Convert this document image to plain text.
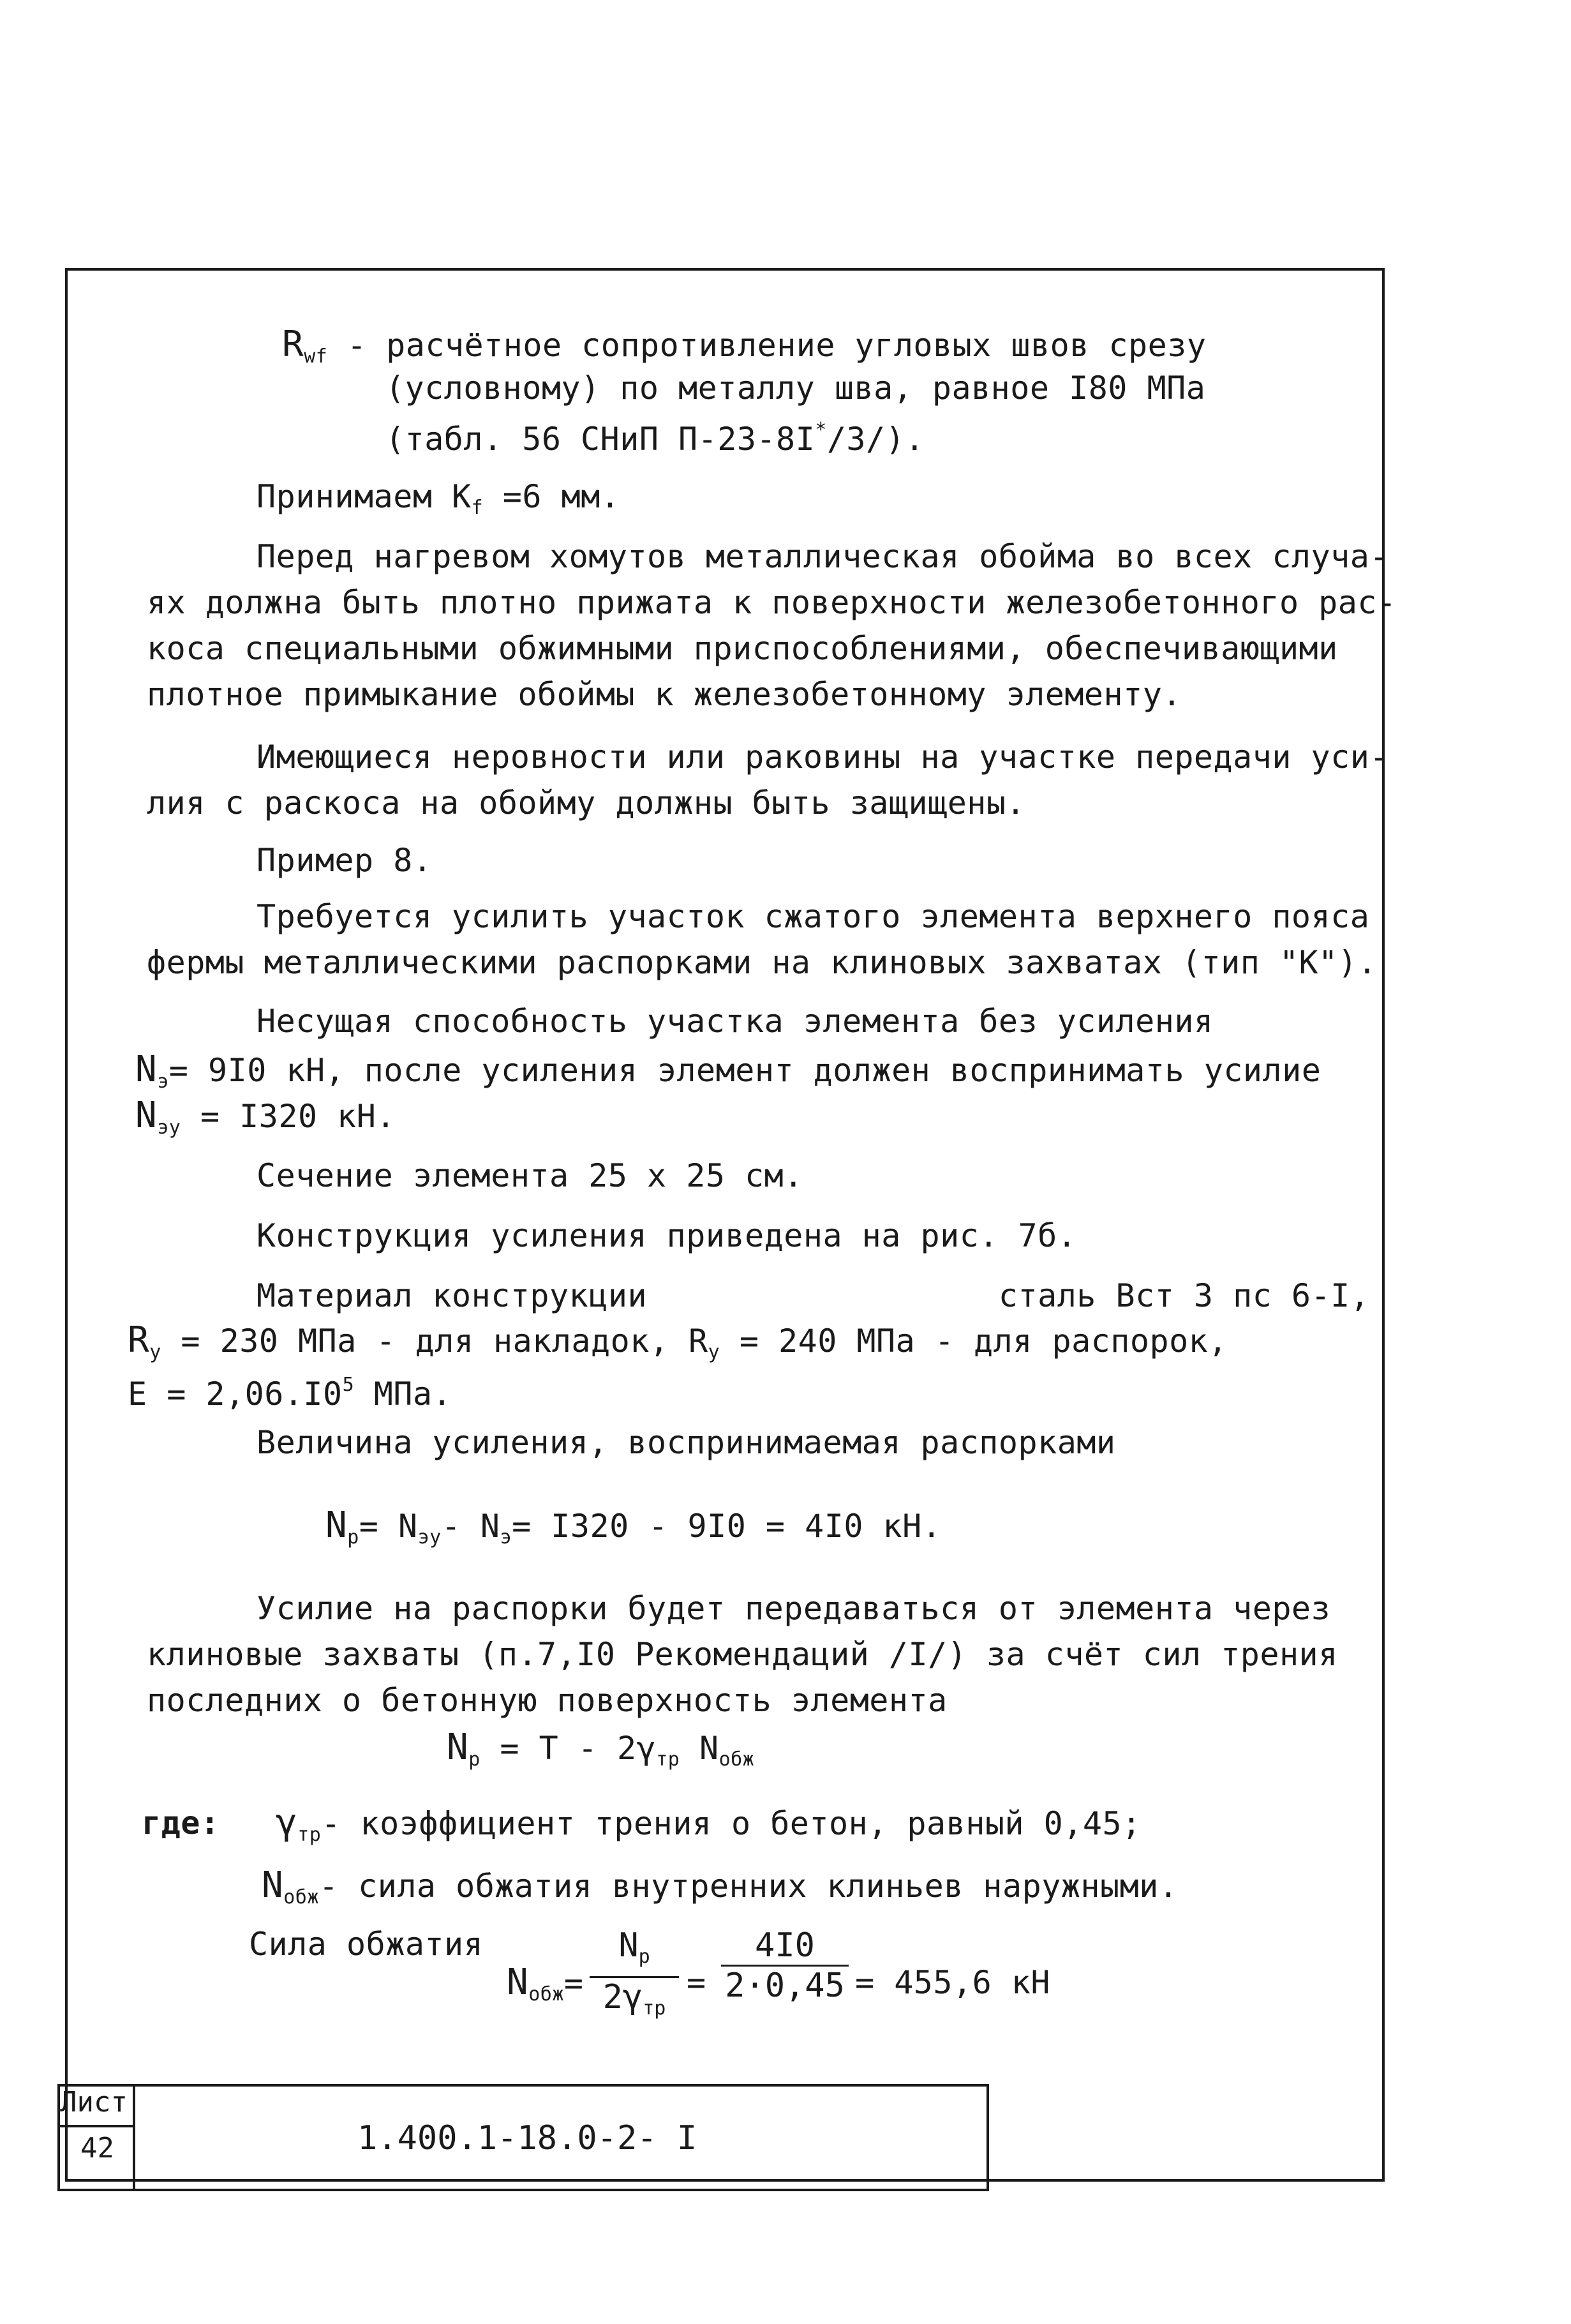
$R_{wf}$ - расчётное сопротивление угловых швов срезу
(условному) по металлу шва, равное I80 МПа
(табл. 56 СНиП П-23-8I*/3/).
Принимаем $K_f =6$ мм.
Перед нагревом хомутов металлическая обойма во всех случа-
ях должна быть плотно прижата к поверхности железобетонного рас-
коса специальными обжимными приспособлениями, обеспечивающими
плотное примыкание обоймы к железобетонному элементу.
Имеющиеся неровности или раковины на участке передачи уси-
лия с раскоса на обойму должны быть защищены.
Пример 8.
Требуется усилить участок сжатого элемента верхнего пояса
фермы металлическими распорками на клиновых захватах (тип "K").
Несущая способность участка элемента без усиления
$N_э= 9I0$ кН, после усиления элемент должен воспринимать усилие
$N_{эу} = I320$ кН.
Сечение элемента 25 x 25 см.
Конструкция усиления приведена на рис. 7б.
Материал конструкции                  сталь Вст 3 пс 6-I,
$R_y = 230$ МПа - для накладок, $R_y = 240$ МПа - для распорок,
$E = 2,06.I0^5$ МПа.
Величина усиления, воспринимаемая распорками
$N_р= N_{эу}-$ $N_э= I320 - 9I0 = 4I0$ кН.
Усилие на распорки будет передаваться от элемента через
клиновые захваты (п.7,I0 Рекомендаций /I/) за счёт сил трения
последних о бетонную поверхность элемента
$N_р = T - 2\gamma_{тр}$ $N_{обж}$
где: $\gamma_{тр}-$ коэффициент трения о бетон, равный 0,45;
$N_{обж}-$ сила обжатия внутренних клиньев наружными.
Сила обжатия
$N_{обж}=$
$N_р$
$2\gamma_{тр}$
= $\frac{4I0}{2\cdot 0,45} = 455,6$ кН
Лист
42	1.400.1-18.0-2- I
